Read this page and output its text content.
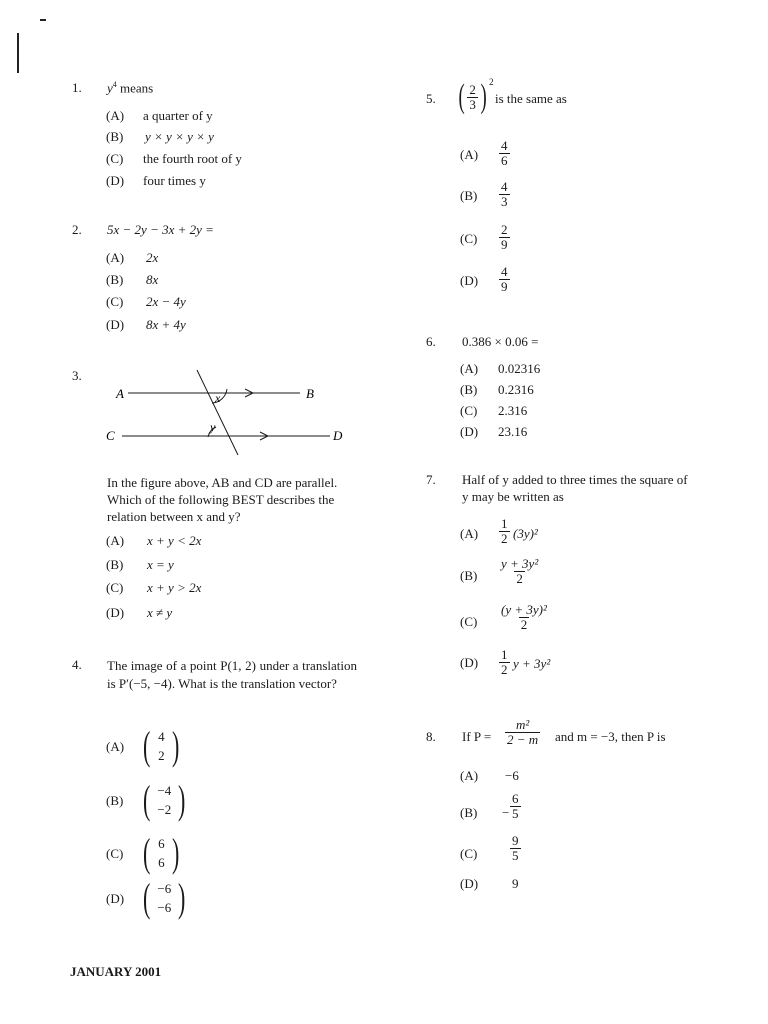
1. $y^4$ means
(A) a quarter of y
(B) y × y × y × y
(C) the fourth root of y
(D) four times y
2. 5x − 2y − 3x + 2y =
(A) 2x
(B) 8x
(C) 2x − 4y
(D) 8x + 4y
3.
A	B
C	D
x
y
In the figure above, AB and CD are parallel. Which of the following BEST describes the relation between x and y?
(A) x + y < 2x
(B) x = y
(C) x + y > 2x
(D) x ≠ y
4. The image of a point P(1, 2) under a translation is P′(−5, −4). What is the translation vector?
(A) ( 4
2 )
(B) ( −4
−2 )
(C) ( 6
6 )
(D) ( −6
−6 )
5. ( $\frac{2}{3}$ ) 2
is the same as
$(A) \frac{4}{6}$
$(B) \frac{4}{3}$
$(C) \frac{2}{9}$
$(D) \frac{4}{9}$
6. 0.386 × 0.06 =
(A) 0.02316
(B) 0.2316
(C) 2.316
(D) 23.16
7. Half of y added to three times the square of
y may be written as
$(A) \frac{1}{2} (3y)^2$
$(B) \frac{\text{y + 3y²}}{2}$
$(C) \frac{\text{(y + 3y)²}}{2}$
$(D) \frac{1}{2}$ y + 3y²
8. If $P = \frac{\text{m²}}{2 - m}$ and m = −3, then P is
(A) −6
$(B) - \frac{6}{5}$
(C)	$\frac{9}{5}$
(D)	9
JANUARY 2001
